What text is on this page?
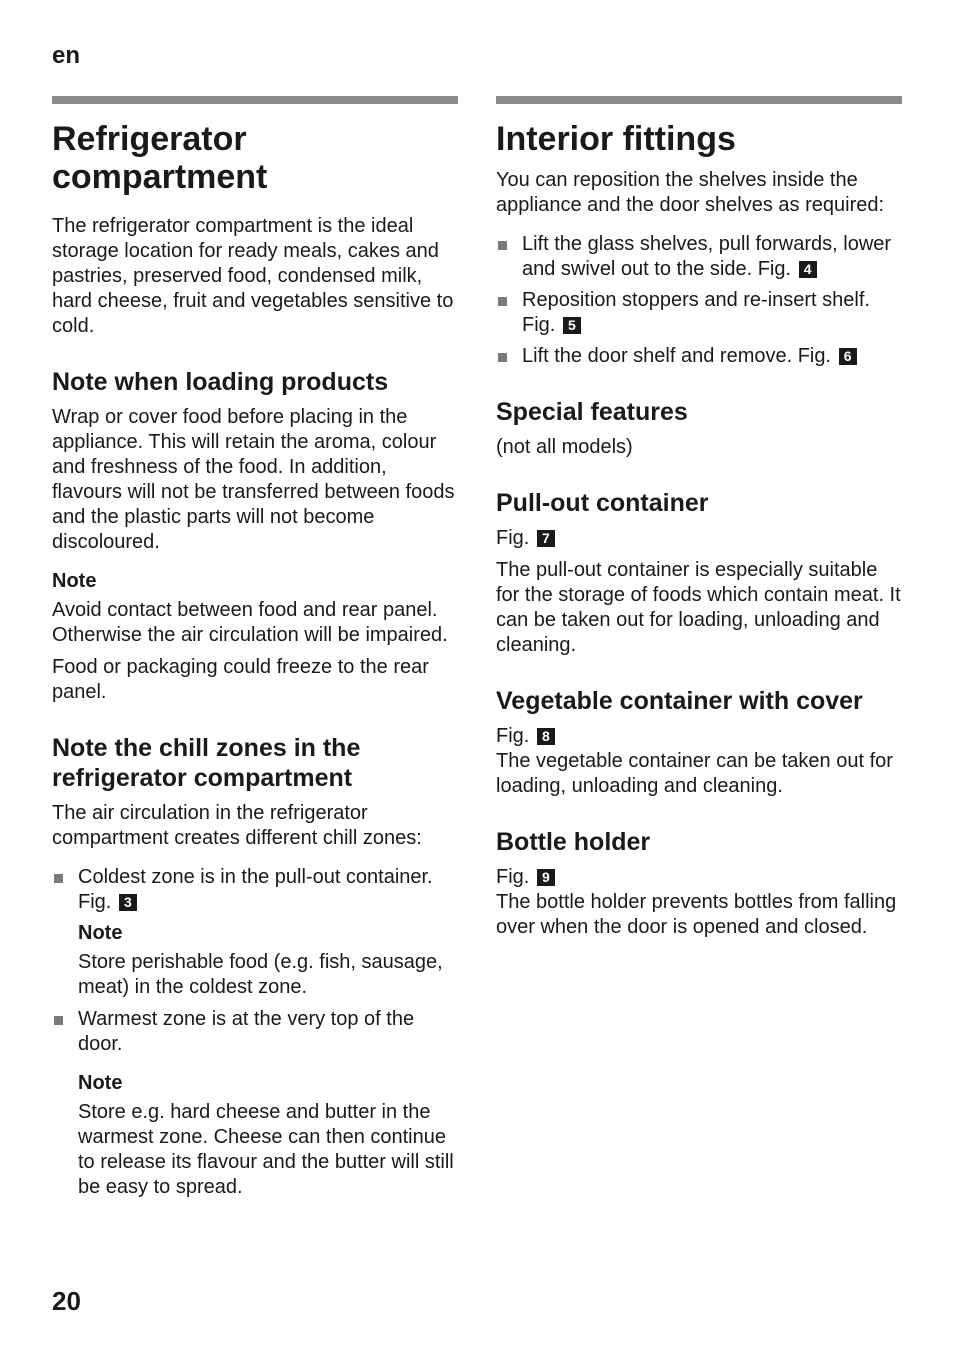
en
Refrigerator compartment

The refrigerator compartment is the ideal storage location for ready meals, cakes and pastries, preserved food, condensed milk, hard cheese, fruit and vegetables sensitive to cold.

Note when loading products

Wrap or cover food before placing in the appliance. This will retain the aroma, colour and freshness of the food. In addition, flavours will not be transferred between foods and the plastic parts will not become discoloured.

Note

Avoid contact between food and rear panel. Otherwise the air circulation will be impaired.

Food or packaging could freeze to the rear panel.

Note the chill zones in the refrigerator compartment

The air circulation in the refrigerator compartment creates different chill zones:

Coldest zone is in the pull-out container. Fig. 3
Note

Store perishable food (e.g. fish, sausage, meat) in the coldest zone.

Warmest zone is at the very top of the door.
Note

Store e.g. hard cheese and butter in the warmest zone. Cheese can then continue to release its flavour and the butter will still be easy to spread.

Interior fittings

You can reposition the shelves inside the appliance and the door shelves as required:

Lift the glass shelves, pull forwards, lower and swivel out to the side. Fig. 4
Reposition stoppers and re-insert shelf. Fig. 5
Lift the door shelf and remove. Fig. 6
Special features

(not all models)

Pull-out container

Fig. 7

The pull-out container is especially suitable for the storage of foods which contain meat. It can be taken out for loading, unloading and cleaning.

Vegetable container with cover

Fig. 8

The vegetable container can be taken out for loading, unloading and cleaning.

Bottle holder

Fig. 9

The bottle holder prevents bottles from falling over when the door is opened and closed.

20
